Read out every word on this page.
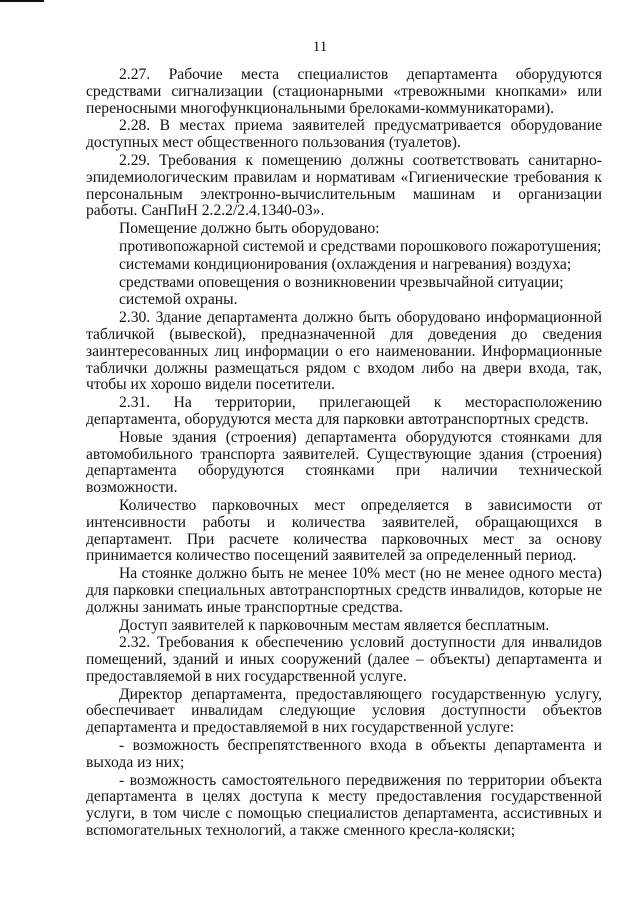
11

2.27. Рабочие места специалистов департамента оборудуются средствами сигнализации (стационарными «тревожными кнопками» или переносными многофункциональными брелоками-коммуникаторами).

2.28. В местах приема заявителей предусматривается оборудование доступных мест общественного пользования (туалетов).

2.29. Требования к помещению должны соответствовать санитарно-эпидемиологическим правилам и нормативам «Гигиенические требования к персональным электронно-вычислительным машинам и организации работы. СанПиН 2.2.2/2.4.1340-03».

Помещение должно быть оборудовано:

противопожарной системой и средствами порошкового пожаротушения;

системами кондиционирования (охлаждения и нагревания) воздуха;

средствами оповещения о возникновении чрезвычайной ситуации;

системой охраны.

2.30. Здание департамента должно быть оборудовано информационной табличкой (вывеской), предназначенной для доведения до сведения заинтересованных лиц информации о его наименовании. Информационные таблички должны размещаться рядом с входом либо на двери входа, так, чтобы их хорошо видели посетители.

2.31. На территории, прилегающей к месторасположению департамента, оборудуются места для парковки автотранспортных средств.

Новые здания (строения) департамента оборудуются стоянками для автомобильного транспорта заявителей. Существующие здания (строения) департамента оборудуются стоянками при наличии технической возможности.

Количество парковочных мест определяется в зависимости от интенсивности работы и количества заявителей, обращающихся в департамент. При расчете количества парковочных мест за основу принимается количество посещений заявителей за определенный период.

На стоянке должно быть не менее 10% мест (но не менее одного места) для парковки специальных автотранспортных средств инвалидов, которые не должны занимать иные транспортные средства.

Доступ заявителей к парковочным местам является бесплатным.

2.32. Требования к обеспечению условий доступности для инвалидов помещений, зданий и иных сооружений (далее – объекты) департамента и предоставляемой в них государственной услуге.

Директор департамента, предоставляющего государственную услугу, обеспечивает инвалидам следующие условия доступности объектов департамента и предоставляемой в них государственной услуге:

- возможность беспрепятственного входа в объекты департамента и выхода из них;

- возможность самостоятельного передвижения по территории объекта департамента в целях доступа к месту предоставления государственной услуги, в том числе с помощью специалистов департамента, ассистивных и вспомогательных технологий, а также сменного кресла-коляски;
